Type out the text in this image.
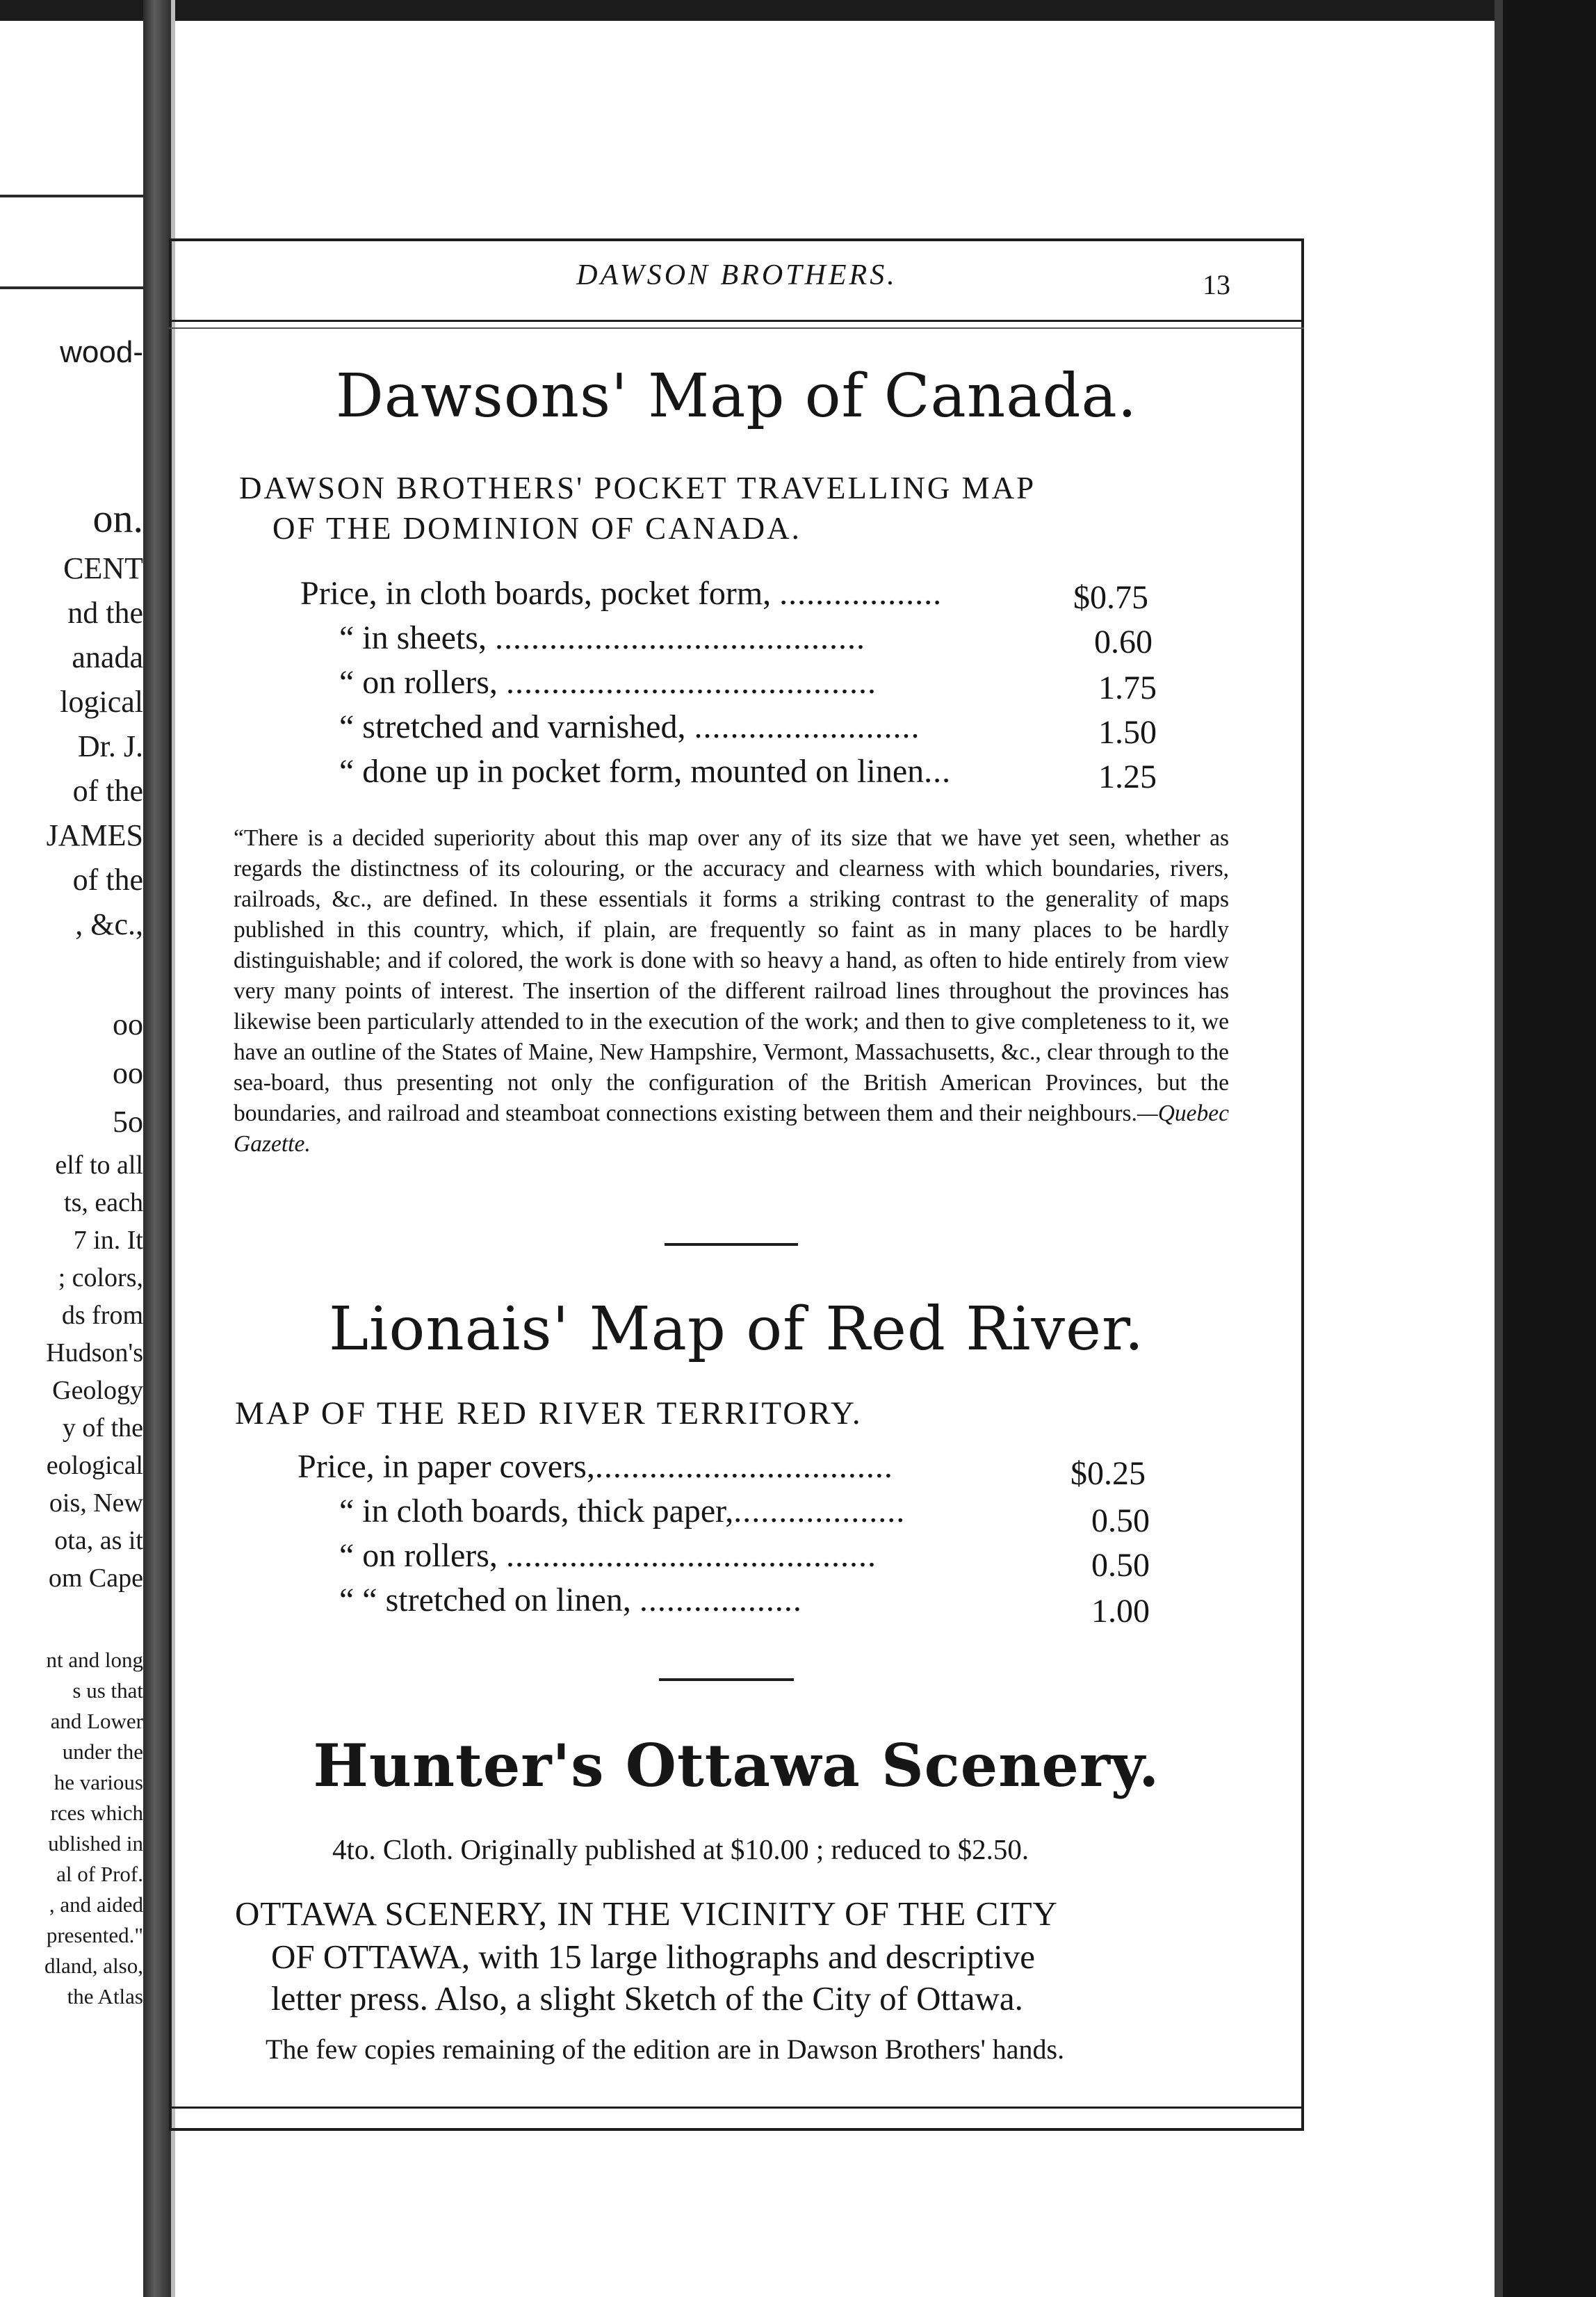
wood-
on.
CENT
nd the
anada
logical
Dr. J.
of the
JAMES
of the
, &c.,
oo
oo
5o
elf to all
ts, each
7 in. It
; colors,
ds from
Hudson's
Geology
y of the
eological
ois, New
ota, as it
om Cape
nt and long
s us that
and Lower
under the
he various
rces which
ublished in
al of Prof.
, and aided
presented."
dland, also,
the Atlas
DAWSON BROTHERS.	13
Dawsons' Map of Canada.
DAWSON BROTHERS' POCKET TRAVELLING MAP
OF THE DOMINION OF CANADA.
Price, in cloth boards, pocket form, ..................	$0.75
“ in sheets, .........................................	0.60
“ on rollers, .........................................	1.75
“ stretched and varnished, .........................	1.50
“ done up in pocket form, mounted on linen...	1.25
“There is a decided superiority about this map over any of its size that we have yet seen, whether as regards the distinctness of its colouring, or the accuracy and clearness with which boundaries, rivers, railroads, &c., are defined. In these essentials it forms a striking contrast to the generality of maps published in this country, which, if plain, are frequently so faint as in many places to be hardly distinguishable; and if colored, the work is done with so heavy a hand, as often to hide entirely from view very many points of interest. The insertion of the different railroad lines throughout the provinces has likewise been particularly attended to in the execution of the work; and then to give completeness to it, we have an outline of the States of Maine, New Hampshire, Vermont, Massachusetts, &c., clear through to the sea-board, thus presenting not only the configuration of the British American Provinces, but the boundaries, and railroad and steamboat connections existing between them and their neighbours.—Quebec Gazette.
Lionais' Map of Red River.
MAP OF THE RED RIVER TERRITORY.
Price, in paper covers,.................................	$0.25
“ in cloth boards, thick paper,...................	0.50
“ on rollers, .........................................	0.50
“ “ stretched on linen, ..................	1.00
Hunter's Ottawa Scenery.
4to. Cloth. Originally published at $10.00 ; reduced to $2.50.
OTTAWA SCENERY, IN THE VICINITY OF THE CITY
OF OTTAWA, with 15 large lithographs and descriptive
letter press. Also, a slight Sketch of the City of Ottawa.
The few copies remaining of the edition are in Dawson Brothers' hands.
